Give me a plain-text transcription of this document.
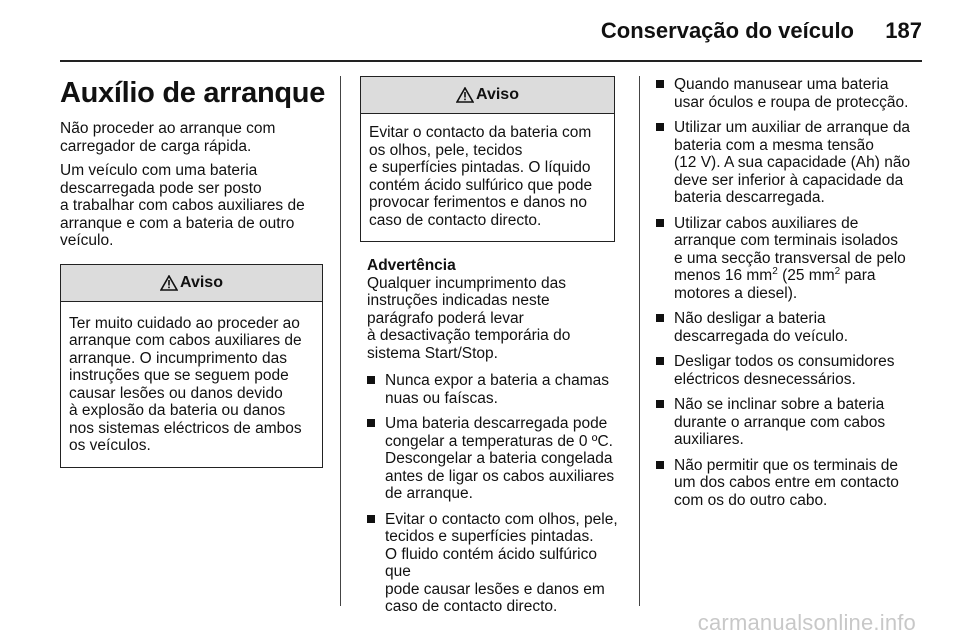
Conservação do veículo 187
Auxílio de arranque

Não proceder ao arranque com
carregador de carga rápida.

Um veículo com uma bateria
descarregada pode ser posto
a trabalhar com cabos auxiliares de
arranque e com a bateria de outro
veículo.

Aviso
Ter muito cuidado ao proceder ao
arranque com cabos auxiliares de
arranque. O incumprimento das
instruções que se seguem pode
causar lesões ou danos devido
à explosão da bateria ou danos
nos sistemas eléctricos de ambos
os veículos.
Aviso
Evitar o contacto da bateria com
os olhos, pele, tecidos
e superfícies pintadas. O líquido
contém ácido sulfúrico que pode
provocar ferimentos e danos no
caso de contacto directo.
Advertência

Qualquer incumprimento das
instruções indicadas neste
parágrafo poderá levar
à desactivação temporária do
sistema Start/Stop.

Nunca expor a bateria a chamas
nuas ou faíscas.
Uma bateria descarregada pode
congelar a temperaturas de 0 ºC.
Descongelar a bateria congelada
antes de ligar os cabos auxiliares
de arranque.
Evitar o contacto com olhos, pele,
tecidos e superfícies pintadas.
O fluido contém ácido sulfúrico que
pode causar lesões e danos em
caso de contacto directo.
Quando manusear uma bateria
usar óculos e roupa de protecção.
Utilizar um auxiliar de arranque da
bateria com a mesma tensão
(12 V). A sua capacidade (Ah) não
deve ser inferior à capacidade da
bateria descarregada.
Utilizar cabos auxiliares de
arranque com terminais isolados
e uma secção transversal de pelo
menos 16 $mm^2$ (25 $mm^2$ para
motores a diesel).
Não desligar a bateria
descarregada do veículo.
Desligar todos os consumidores
eléctricos desnecessários.
Não se inclinar sobre a bateria
durante o arranque com cabos
auxiliares.
Não permitir que os terminais de
um dos cabos entre em contacto
com os do outro cabo.
carmanualsonline.info
